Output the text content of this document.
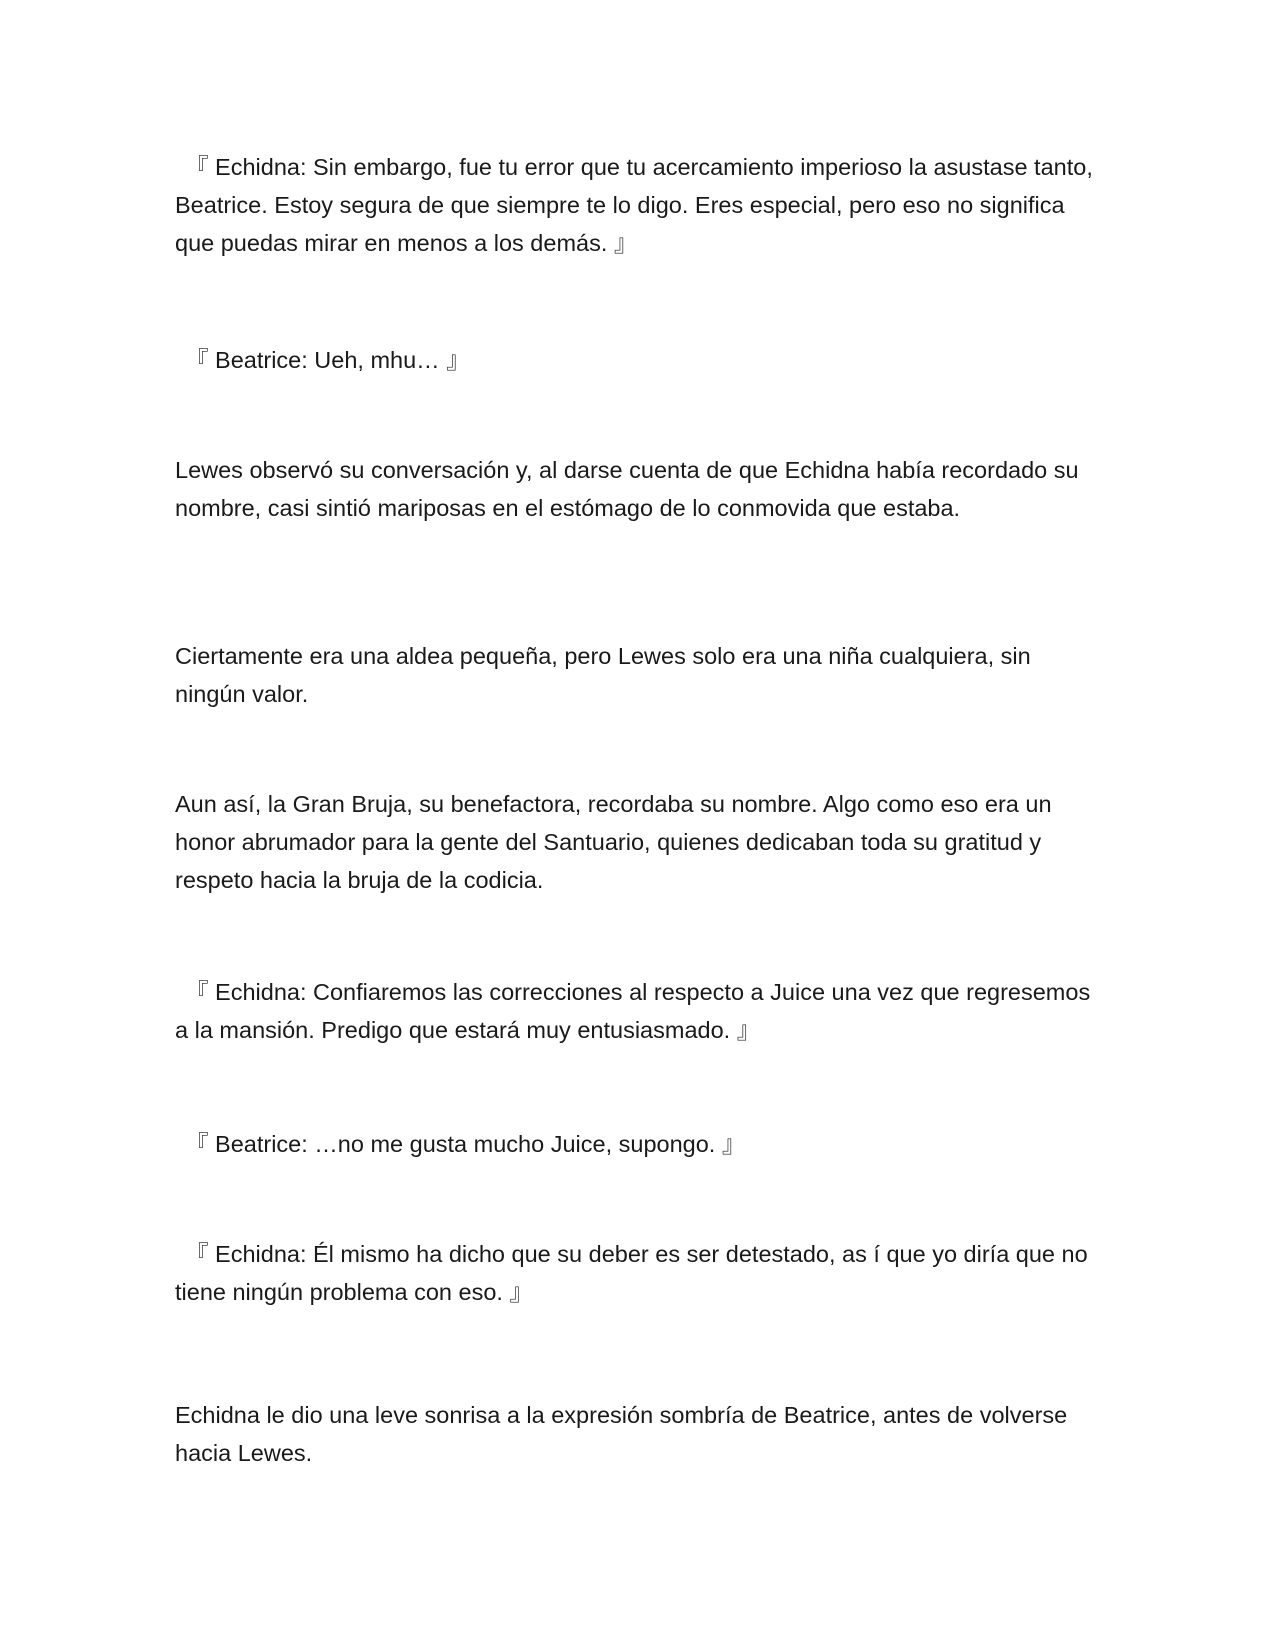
『 Echidna: Sin embargo, fue tu error que tu acercamiento imperioso la asustase tanto, Beatrice. Estoy segura de que siempre te lo digo. Eres especial, pero eso no significa que puedas mirar en menos a los demás. 』

『 Beatrice: Ueh, mhu… 』

Lewes observó su conversación y, al darse cuenta de que Echidna había recordado su nombre, casi sintió mariposas en el estómago de lo conmovida que estaba.

Ciertamente era una aldea pequeña, pero Lewes solo era una niña cualquiera, sin ningún valor.

Aun así, la Gran Bruja, su benefactora, recordaba su nombre. Algo como eso era un honor abrumador para la gente del Santuario, quienes dedicaban toda su gratitud y respeto hacia la bruja de la codicia.

『 Echidna: Confiaremos las correcciones al respecto a Juice una vez que regresemos a la mansión. Predigo que estará muy entusiasmado. 』

『 Beatrice: …no me gusta mucho Juice, supongo. 』

『 Echidna: Él mismo ha dicho que su deber es ser detestado, as í que yo diría que no tiene ningún problema con eso. 』

Echidna le dio una leve sonrisa a la expresión sombría de Beatrice, antes de volverse hacia Lewes.
